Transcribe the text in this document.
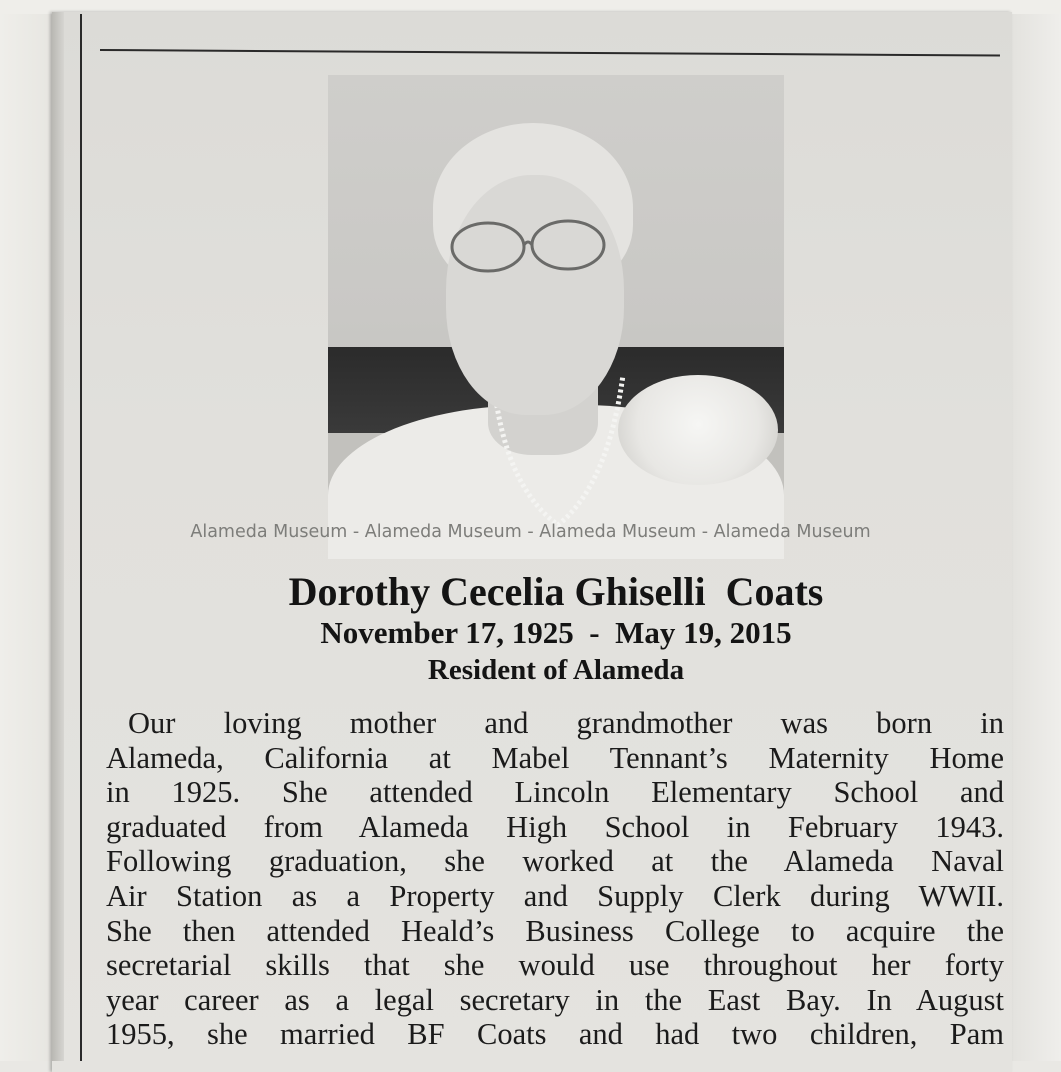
Alameda Museum - Alameda Museum - Alameda Museum - Alameda Museum
Dorothy Cecelia Ghiselli  Coats
November 17, 1925  -  May 19, 2015
Resident of Alameda
Our loving mother and grandmother was born in
Alameda, California at Mabel Tennant’s Maternity Home
in 1925. She attended Lincoln Elementary School and
graduated from Alameda High School in February 1943.
Following graduation, she worked at the Alameda Naval
Air Station as a Property and Supply Clerk during WWII.
She then attended Heald’s Business College to acquire the
secretarial skills that she would use throughout her forty
year career as a legal secretary in the East Bay. In August
1955, she married BF Coats and had two children, Pam
